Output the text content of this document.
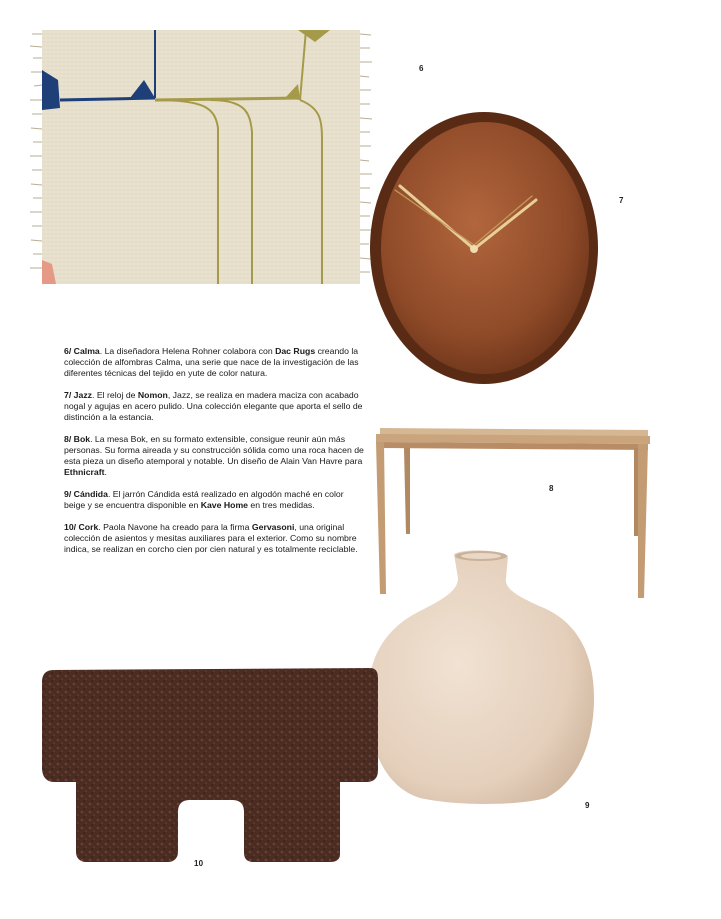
6
7

6/ Calma. La diseñadora Helena Rohner colabora con Dac Rugs creando la colección de alfombras Calma, una serie que nace de la investigación de las diferentes técnicas del tejido en yute de color natura.

7/ Jazz. El reloj de Nomon, Jazz, se realiza en madera maciza con acabado nogal y agujas en acero pulido. Una colección elegante que aporta el sello de distinción a la estancia.

8/ Bok. La mesa Bok, en su formato extensible, consigue reunir aún más personas. Su forma aireada y su construcción sólida como una roca hacen de esta pieza un diseño atemporal y notable. Un diseño de Alain Van Havre para Ethnicraft.

9/ Cándida. El jarrón Cándida está realizado en algodón maché en color beige y se encuentra disponible en Kave Home en tres medidas.

10/ Cork. Paola Navone ha creado para la firma Gervasoni, una original colección de asientos y mesitas auxiliares para el exterior. Como su nombre indica, se realizan en corcho cien por cien natural y es totalmente reciclable.

8
9
10
